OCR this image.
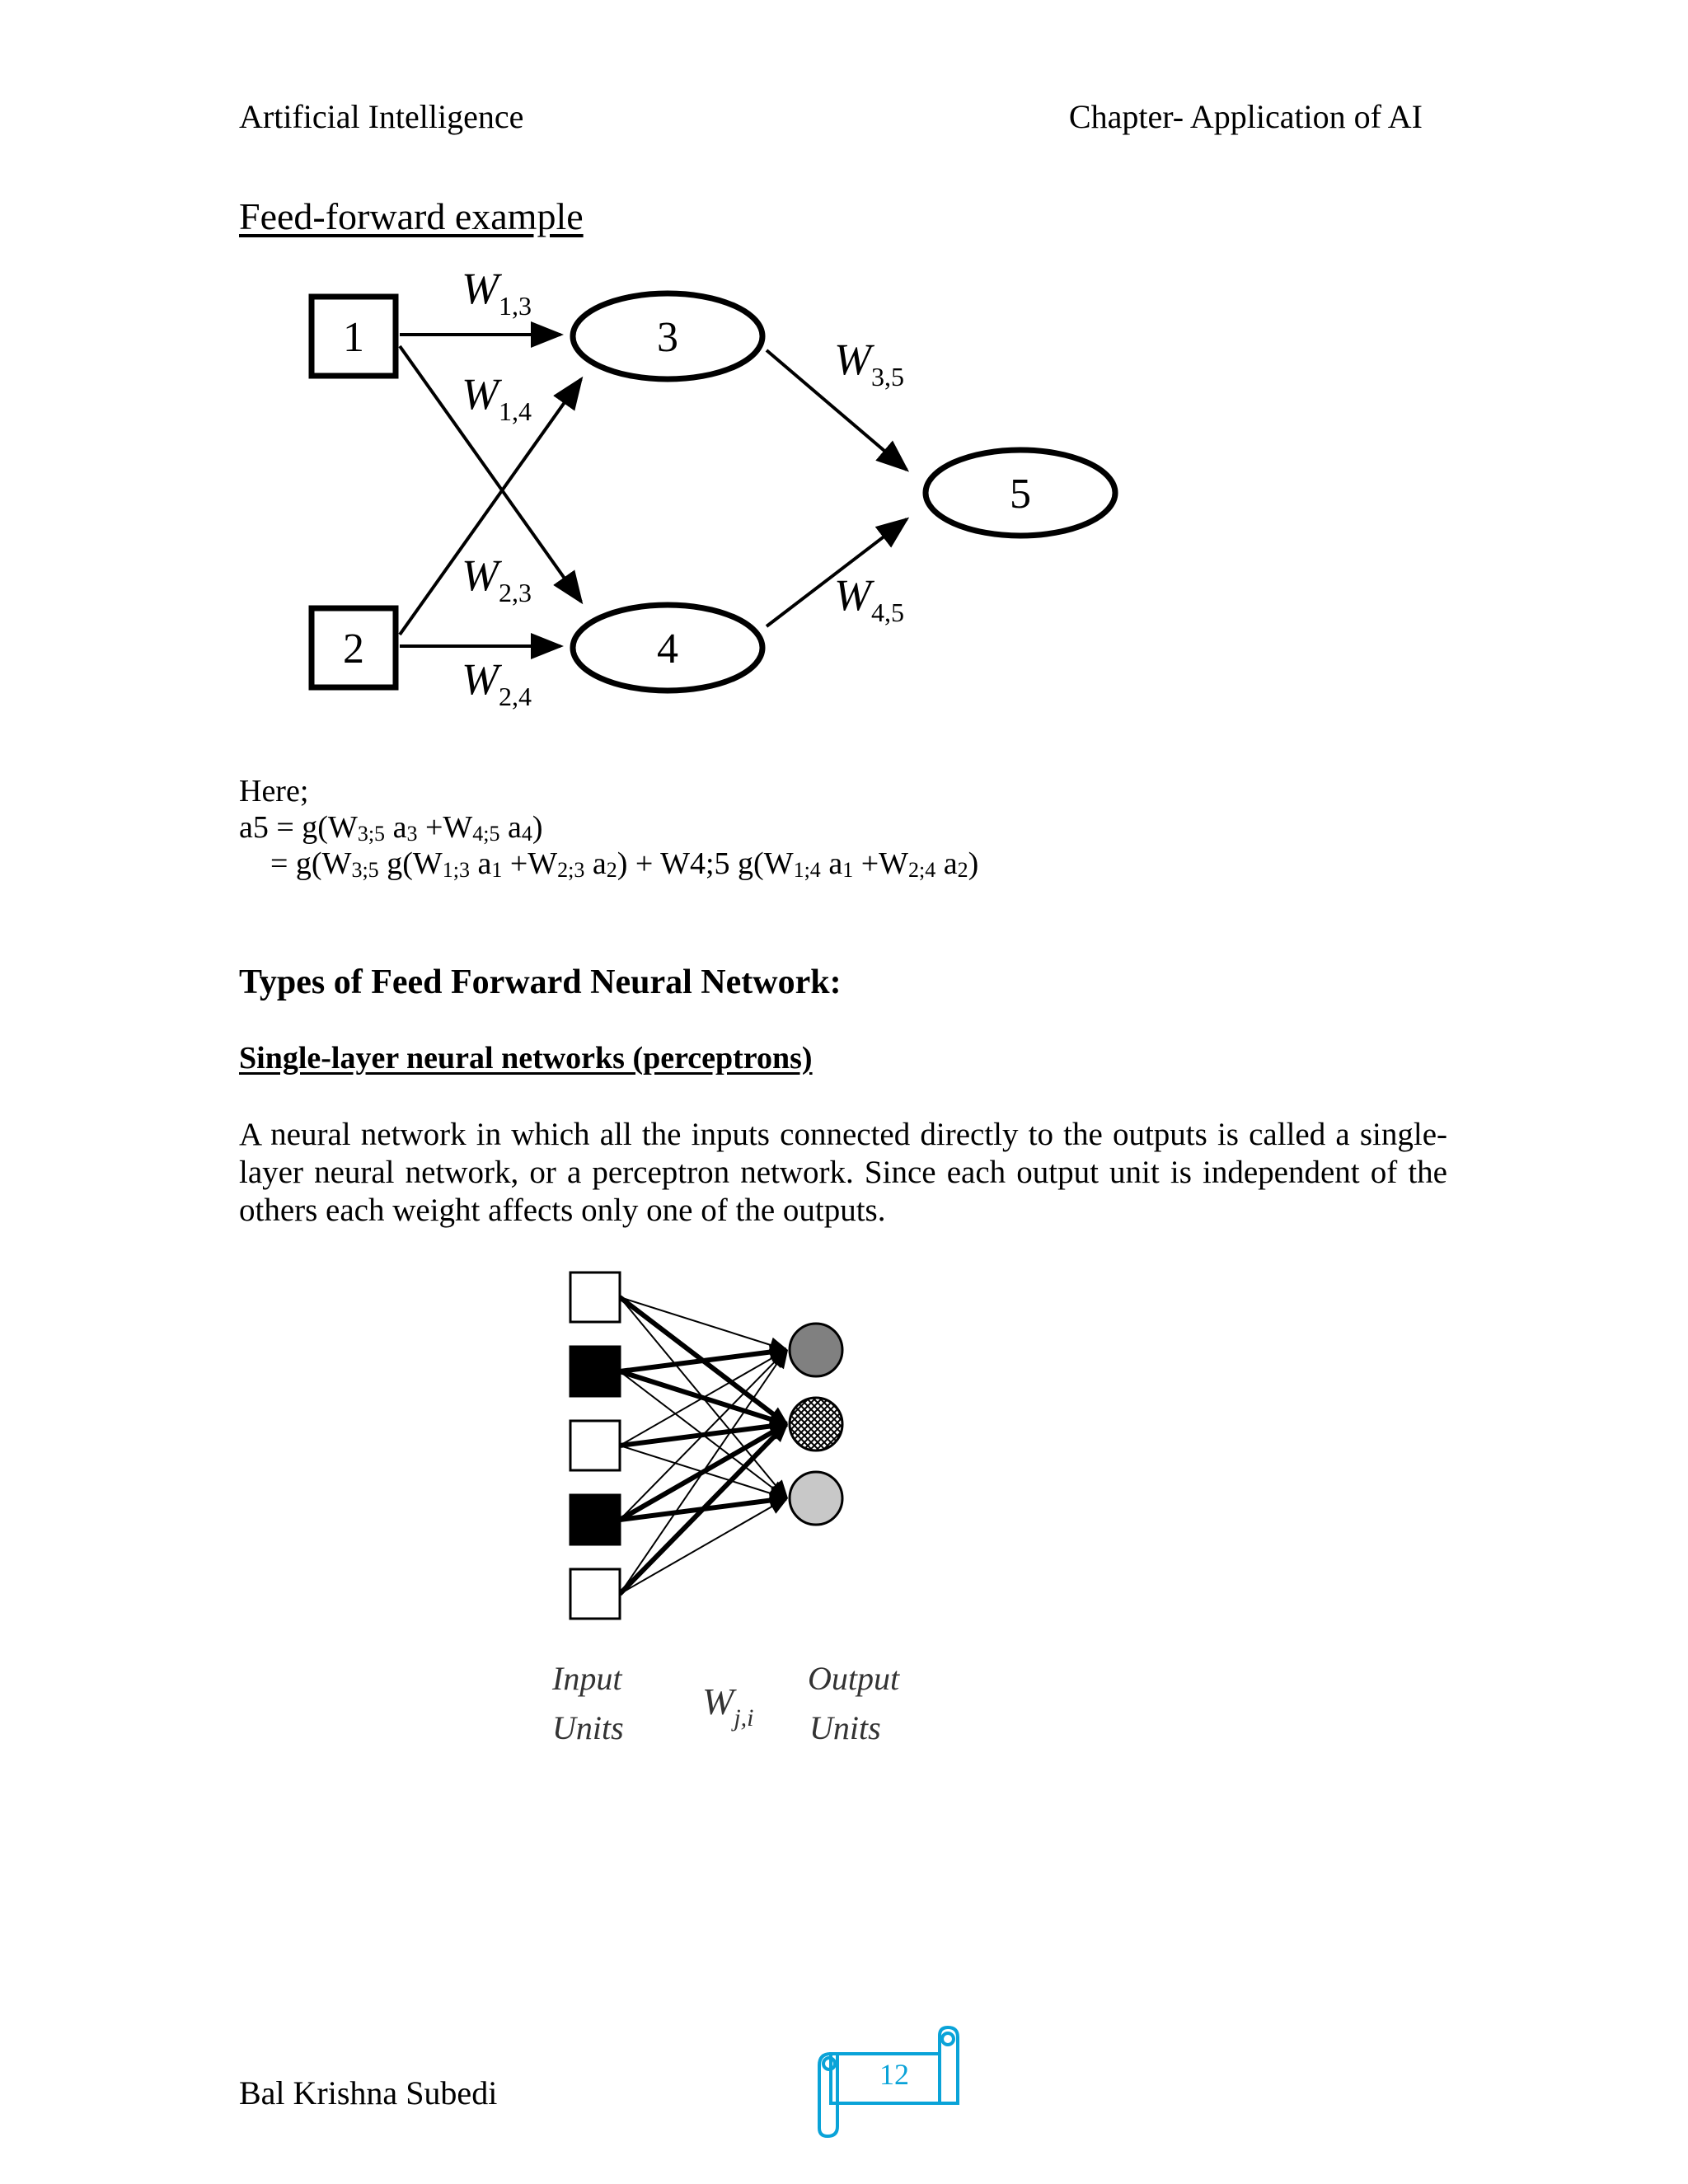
Artificial Intelligence	Chapter- Application of AI
Feed-forward example
1
2
3
4
5
W1,3
W1,4
W2,3
W2,4
W3,5
W4,5
Here;
$a5 = g(W_{3;5}$ $a_3 +W_{4;5}$ $a_4$)
= $g(W_{3;5}$ $g(W_{1;3}$ $a_1 +W_{2;3}$ $a_2$) + W4;5 $g(W_{1;4}$ $a_1 +W_{2;4}$ $a_2$)
Types of Feed Forward Neural Network:
Single-layer neural networks (perceptrons)
A neural network in which all the inputs connected directly to the outputs is called a single-layer neural network, or a perceptron network. Since each output unit is independent of the others each weight affects only one of the outputs.
Input
Units
Wj,i
Output
Units
Bal Krishna Subedi	12
